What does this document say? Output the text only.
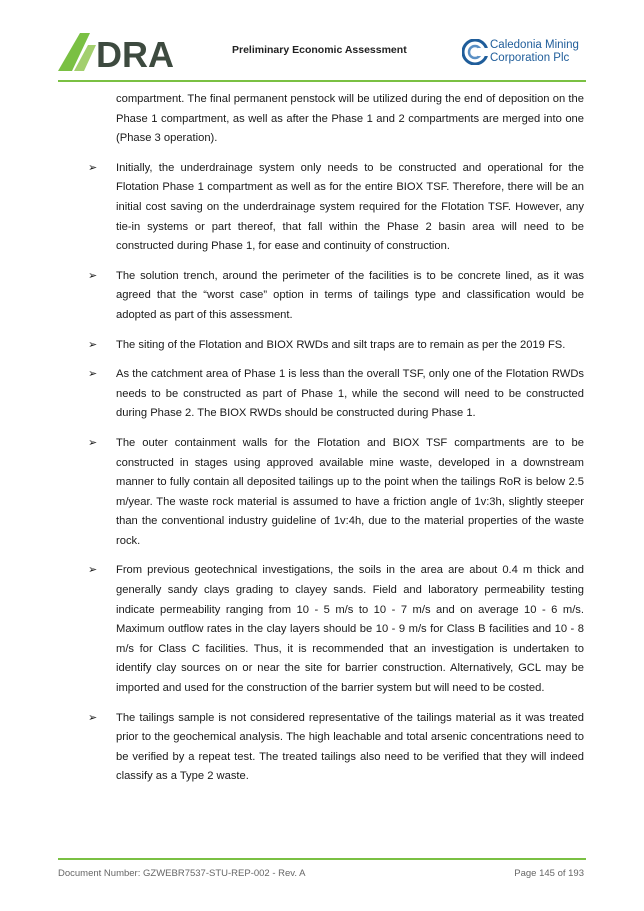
DRA	Preliminary Economic Assessment	Caledonia Mining
Corporation Plc

compartment. The final permanent penstock will be utilized during the end of deposition on the Phase 1 compartment, as well as after the Phase 1 and 2 compartments are merged into one (Phase 3 operation).

➢ Initially, the underdrainage system only needs to be constructed and operational for the Flotation Phase 1 compartment as well as for the entire BIOX TSF. Therefore, there will be an initial cost saving on the underdrainage system required for the Flotation TSF. However, any tie-in systems or part thereof, that fall within the Phase 2 basin area will need to be constructed during Phase 1, for ease and continuity of construction.

➢ The solution trench, around the perimeter of the facilities is to be concrete lined, as it was agreed that the “worst case” option in terms of tailings type and classification would be adopted as part of this assessment.

➢ The siting of the Flotation and BIOX RWDs and silt traps are to remain as per the 2019 FS.

➢ As the catchment area of Phase 1 is less than the overall TSF, only one of the Flotation RWDs needs to be constructed as part of Phase 1, while the second will need to be constructed during Phase 2. The BIOX RWDs should be constructed during Phase 1.

➢ The outer containment walls for the Flotation and BIOX TSF compartments are to be constructed in stages using approved available mine waste, developed in a downstream manner to fully contain all deposited tailings up to the point when the tailings RoR is below 2.5 m/year. The waste rock material is assumed to have a friction angle of 1v:3h, slightly steeper than the conventional industry guideline of 1v:4h, due to the material properties of the waste rock.

➢ From previous geotechnical investigations, the soils in the area are about 0.4 m thick and generally sandy clays grading to clayey sands. Field and laboratory permeability testing indicate permeability ranging from 10 - 5 m/s to 10 - 7 m/s and on average 10 - 6 m/s. Maximum outflow rates in the clay layers should be 10 - 9 m/s for Class B facilities and 10 - 8 m/s for Class C facilities. Thus, it is recommended that an investigation is undertaken to identify clay sources on or near the site for barrier construction. Alternatively, GCL may be imported and used for the construction of the barrier system but will need to be costed.

➢ The tailings sample is not considered representative of the tailings material as it was treated prior to the geochemical analysis. The high leachable and total arsenic concentrations need to be verified by a repeat test. The treated tailings also need to be verified that they will indeed classify as a Type 2 waste.

Document Number: GZWEBR7537-STU-REP-002 - Rev. A	Page 145 of 193
